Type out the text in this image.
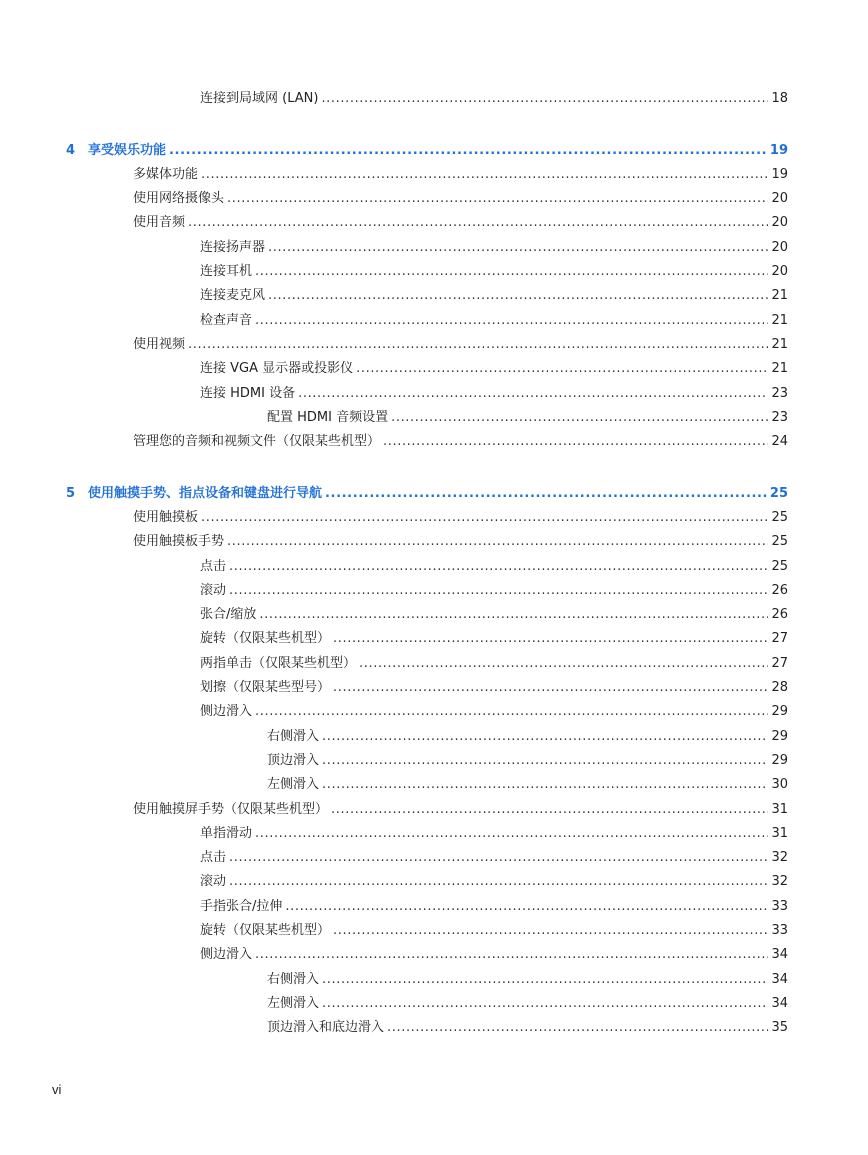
连接到局域网 (LAN) .....	18
4 享受娱乐功能 .....	19
多媒体功能 .....	19
使用网络摄像头 .....	20
使用音频 .....	20
连接扬声器 .....	20
连接耳机 .....	20
连接麦克风 .....	21
检查声音 .....	21
使用视频 .....	21
连接 VGA 显示器或投影仪 .....	21
连接 HDMI 设备 .....	23
配置 HDMI 音频设置 .....	23
管理您的音频和视频文件（仅限某些机型） .....	24
5 使用触摸手势、指点设备和键盘进行导航 .....	25
使用触摸板 .....	25
使用触摸板手势 .....	25
点击 .....	25
滚动 .....	26
张合/缩放 .....	26
旋转（仅限某些机型） .....	27
两指单击（仅限某些机型） .....	27
划擦（仅限某些型号） .....	28
侧边滑入 .....	29
右侧滑入 .....	29
顶边滑入 .....	29
左侧滑入 .....	30
使用触摸屏手势（仅限某些机型） .....	31
单指滑动 .....	31
点击 .....	32
滚动 .....	32
手指张合/拉伸 .....	33
旋转（仅限某些机型） .....	33
侧边滑入 .....	34
右侧滑入 .....	34
左侧滑入 .....	34
顶边滑入和底边滑入 .....	35
vi
